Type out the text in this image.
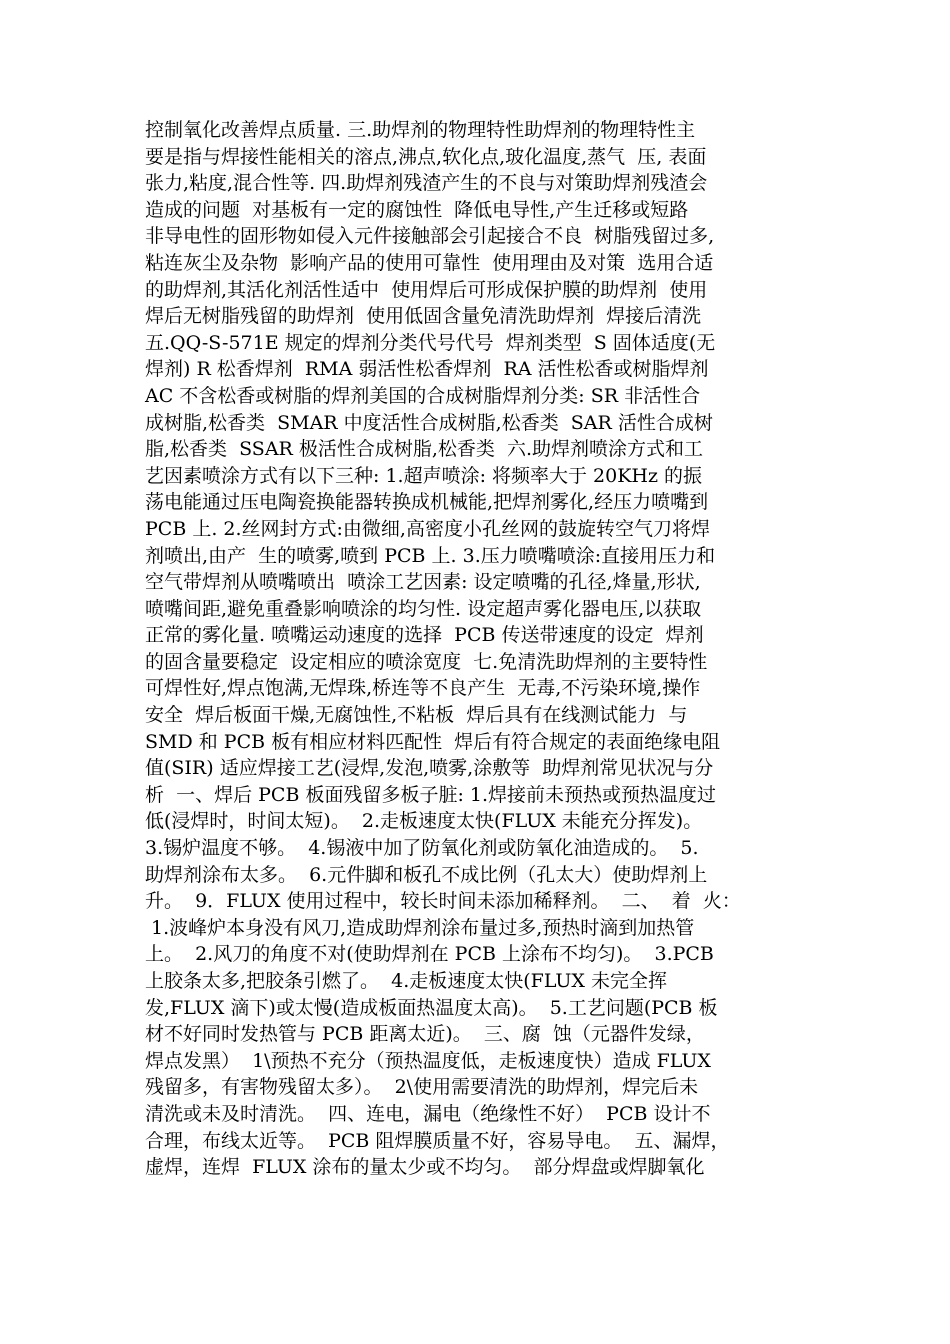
控制氧化改善焊点质量. 三.助焊剂的物理特性助焊剂的物理特性主
要是指与焊接性能相关的溶点,沸点,软化点,玻化温度,蒸气  压, 表面
张力,粘度,混合性等. 四.助焊剂残渣产生的不良与对策助焊剂残渣会
造成的问题  对基板有一定的腐蚀性  降低电导性,产生迁移或短路
非导电性的固形物如侵入元件接触部会引起接合不良  树脂残留过多,
粘连灰尘及杂物  影响产品的使用可靠性  使用理由及对策  选用合适
的助焊剂,其活化剂活性适中  使用焊后可形成保护膜的助焊剂  使用
焊后无树脂残留的助焊剂  使用低固含量免清洗助焊剂  焊接后清洗
五.QQ-S-571E 规定的焊剂分类代号代号  焊剂类型  S 固体适度(无
焊剂) R 松香焊剂  RMA 弱活性松香焊剂  RA 活性松香或树脂焊剂
AC 不含松香或树脂的焊剂美国的合成树脂焊剂分类: SR 非活性合
成树脂,松香类  SMAR 中度活性合成树脂,松香类  SAR 活性合成树
脂,松香类  SSAR 极活性合成树脂,松香类  六.助焊剂喷涂方式和工
艺因素喷涂方式有以下三种: 1.超声喷涂: 将频率大于 20KHz 的振
荡电能通过压电陶瓷换能器转换成机械能,把焊剂雾化,经压力喷嘴到
PCB 上. 2.丝网封方式:由微细,高密度小孔丝网的鼓旋转空气刀将焊
剂喷出,由产  生的喷雾,喷到 PCB 上. 3.压力喷嘴喷涂:直接用压力和
空气带焊剂从喷嘴喷出  喷涂工艺因素: 设定喷嘴的孔径,烽量,形状,
喷嘴间距,避免重叠影响喷涂的均匀性. 设定超声雾化器电压,以获取
正常的雾化量. 喷嘴运动速度的选择  PCB 传送带速度的设定  焊剂
的固含量要稳定  设定相应的喷涂宽度  七.免清洗助焊剂的主要特性
可焊性好,焊点饱满,无焊珠,桥连等不良产生  无毒,不污染环境,操作
安全  焊后板面干燥,无腐蚀性,不粘板  焊后具有在线测试能力  与
SMD 和 PCB 板有相应材料匹配性  焊后有符合规定的表面绝缘电阻
值(SIR) 适应焊接工艺(浸焊,发泡,喷雾,涂敷等  助焊剂常见状况与分
析  一、焊后 PCB 板面残留多板子脏: 1.焊接前未预热或预热温度过
低(浸焊时，时间太短)。  2.走板速度太快(FLUX 未能充分挥发)。
3.锡炉温度不够。  4.锡液中加了防氧化剂或防氧化油造成的。  5.
助焊剂涂布太多。  6.元件脚和板孔不成比例（孔太大）使助焊剂上
升。  9．FLUX 使用过程中，较长时间未添加稀释剂。  二、  着  火：
1.波峰炉本身没有风刀,造成助焊剂涂布量过多,预热时滴到加热管
上。  2.风刀的角度不对(使助焊剂在 PCB 上涂布不均匀)。  3.PCB
上胶条太多,把胶条引燃了。  4.走板速度太快(FLUX 未完全挥
发,FLUX 滴下)或太慢(造成板面热温度太高)。  5.工艺问题(PCB 板
材不好同时发热管与 PCB 距离太近)。  三、腐  蚀（元器件发绿，
焊点发黑）  1\预热不充分（预热温度低，走板速度快）造成 FLUX
残留多，有害物残留太多）。  2\使用需要清洗的助焊剂，焊完后未
清洗或未及时清洗。  四、连电，漏电（绝缘性不好）  PCB 设计不
合理，布线太近等。  PCB 阻焊膜质量不好，容易导电。  五、漏焊，
虚焊，连焊  FLUX 涂布的量太少或不均匀。  部分焊盘或焊脚氧化
